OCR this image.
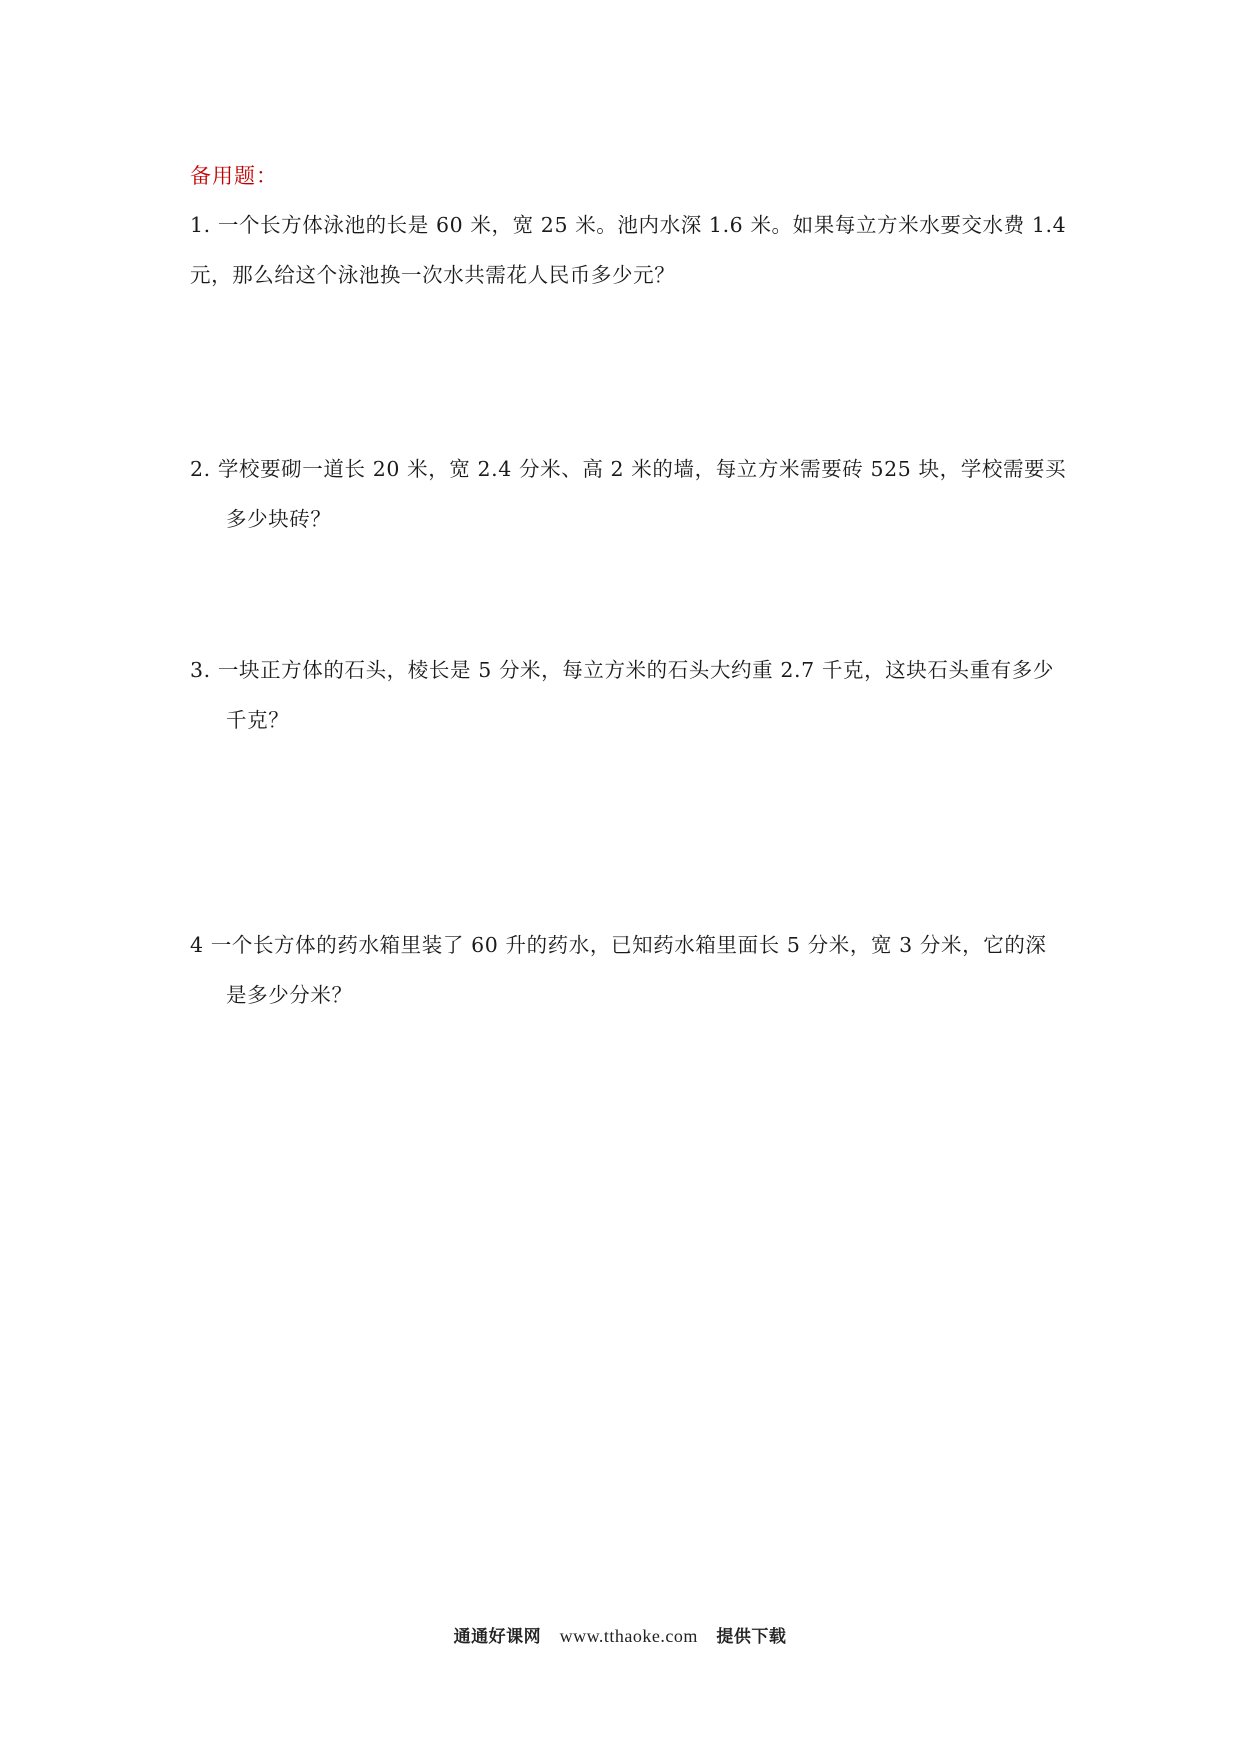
备用题：
1. 一个长方体泳池的长是 60 米，宽 25 米。池内水深 1.6 米。如果每立方米水要交水费 1.4
元，那么给这个泳池换一次水共需花人民币多少元？
2. 学校要砌一道长 20 米，宽 2.4 分米、高 2 米的墙，每立方米需要砖 525 块，学校需要买
多少块砖？
3. 一块正方体的石头，棱长是 5 分米，每立方米的石头大约重 2.7 千克，这块石头重有多少
千克？
4 一个长方体的药水箱里装了 60 升的药水，已知药水箱里面长 5 分米，宽 3 分米，它的深
是多少分米？
通通好课网 www.tthaoke.com 提供下载
